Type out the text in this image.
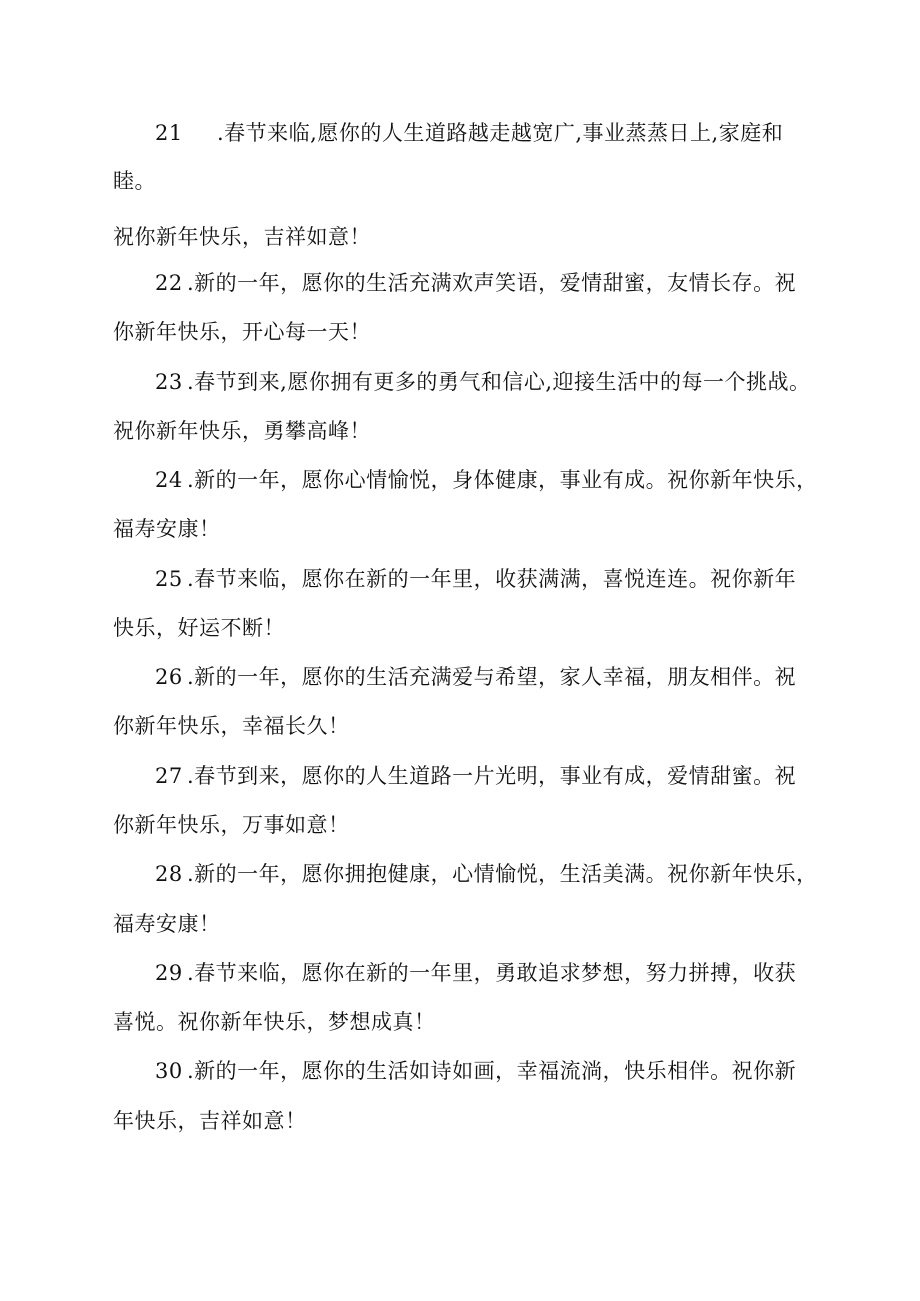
21 .春节来临,愿你的人生道路越走越宽广,事业蒸蒸日上,家庭和
睦。
祝你新年快乐，吉祥如意！
22 .新的一年，愿你的生活充满欢声笑语，爱情甜蜜，友情长存。祝
你新年快乐，开心每一天！
23 .春节到来,愿你拥有更多的勇气和信心,迎接生活中的每一个挑战。
祝你新年快乐，勇攀高峰！
24 .新的一年，愿你心情愉悦，身体健康，事业有成。祝你新年快乐，
福寿安康！
25 .春节来临，愿你在新的一年里，收获满满，喜悦连连。祝你新年
快乐，好运不断！
26 .新的一年，愿你的生活充满爱与希望，家人幸福，朋友相伴。祝
你新年快乐，幸福长久！
27 .春节到来，愿你的人生道路一片光明，事业有成，爱情甜蜜。祝
你新年快乐，万事如意！
28 .新的一年，愿你拥抱健康，心情愉悦，生活美满。祝你新年快乐，
福寿安康！
29 .春节来临，愿你在新的一年里，勇敢追求梦想，努力拼搏，收获
喜悦。祝你新年快乐，梦想成真！
30 .新的一年，愿你的生活如诗如画，幸福流淌，快乐相伴。祝你新
年快乐，吉祥如意！
